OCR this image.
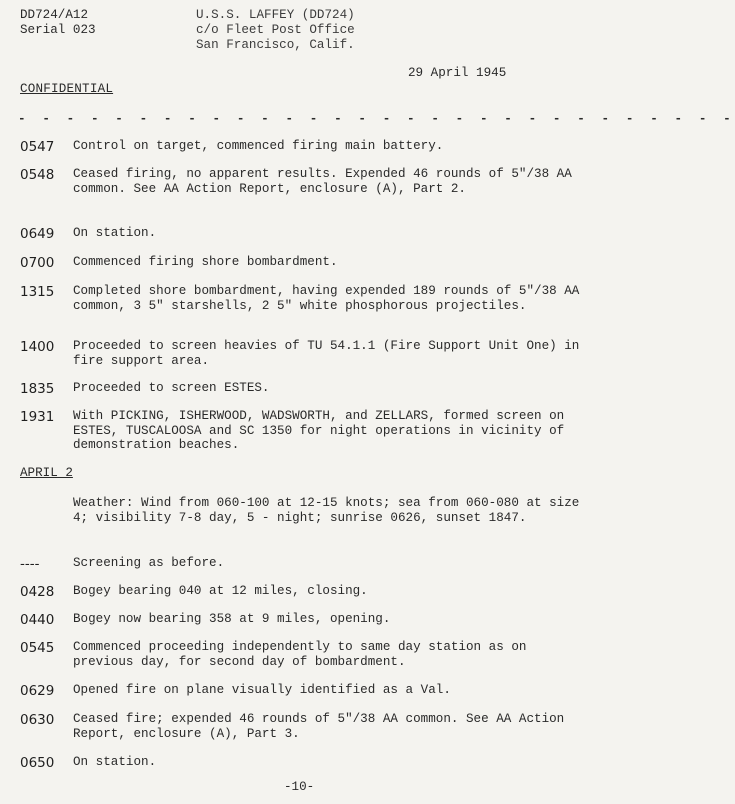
DD724/A12
Serial 023
U.S.S. LAFFEY (DD724)
c/o Fleet Post Office
San Francisco, Calif.
29 April 1945
CONFIDENTIAL
- - - - - - - - - - - - - - - - - - - - - - - - - - - - - -
0547 Control on target, commenced firing main battery.
0548 Ceased firing, no apparent results. Expended 46 rounds of 5"/38 AA common. See AA Action Report, enclosure (A), Part 2.
0649 On station.
0700 Commenced firing shore bombardment.
1315 Completed shore bombardment, having expended 189 rounds of 5"/38 AA common, 3 5" starshells, 2 5" white phosphorous projectiles.
1400 Proceeded to screen heavies of TU 54.1.1 (Fire Support Unit One) in fire support area.
1835 Proceeded to screen ESTES.
1931 With PICKING, ISHERWOOD, WADSWORTH, and ZELLARS, formed screen on ESTES, TUSCALOOSA and SC 1350 for night operations in vicinity of demonstration beaches.
APRIL 2
Weather: Wind from 060-100 at 12-15 knots; sea from 060-080 at size 4; visibility 7-8 day, 5 - night; sunrise 0626, sunset 1847.
----	Screening as before.
0428 Bogey bearing 040 at 12 miles, closing.
0440 Bogey now bearing 358 at 9 miles, opening.
0545 Commenced proceeding independently to same day station as on previous day, for second day of bombardment.
0629 Opened fire on plane visually identified as a Val.
0630 Ceased fire; expended 46 rounds of 5"/38 AA common. See AA Action Report, enclosure (A), Part 3.
0650 On station.
-10-
